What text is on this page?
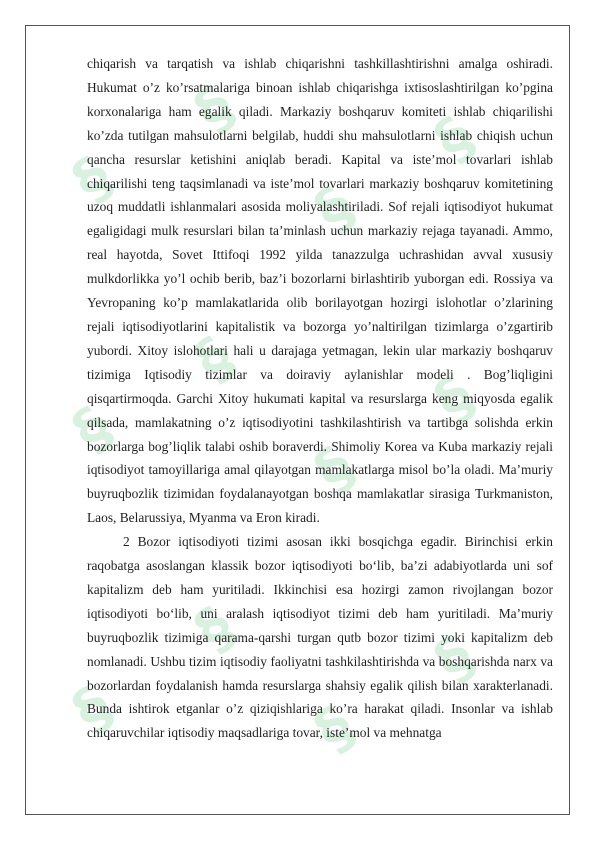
§
§
§
§
§
§
§
§
§
§
§
§

chiqarish va tarqatish va ishlab chiqarishni tashkillashtirishni amalga oshiradi. Hukumat o’z ko’rsatmalariga binoan ishlab chiqarishga ixtisoslashtirilgan ko’pgina korxonalariga ham egalik qiladi. Markaziy boshqaruv komiteti ishlab chiqarilishi ko’zda tutilgan mahsulotlarni belgilab, huddi shu mahsulotlarni ishlab chiqish uchun qancha resurslar ketishini aniqlab beradi. Kapital va iste’mol tovarlari ishlab chiqarilishi teng taqsimlanadi va iste’mol tovarlari markaziy boshqaruv komitetining uzoq muddatli ishlanmalari asosida moliyalashtiriladi. Sof rejali iqtisodiyot hukumat egaligidagi mulk resurslari bilan ta’minlash uchun markaziy rejaga tayanadi. Ammo, real hayotda, Sovet Ittifoqi 1992 yilda tanazzulga uchrashidan avval xususiy mulkdorlikka yo’l ochib berib, baz’i bozorlarni birlashtirib yuborgan edi. Rossiya va Yevropaning ko’p mamlakatlarida olib borilayotgan hozirgi islohotlar o’zlarining rejali iqtisodiyotlarini kapitalistik va bozorga yo’naltirilgan tizimlarga o’zgartirib yubordi. Xitoy islohotlari hali u darajaga yetmagan, lekin ular markaziy boshqaruv tizimiga Iqtisodiy tizimlar va doiraviy aylanishlar modeli . Bog’liqligini qisqartirmoqda. Garchi Xitoy hukumati kapital va resurslarga keng miqyosda egalik qilsada, mamlakatning o’z iqtisodiyotini tashkilashtirish va tartibga solishda erkin bozorlarga bog’liqlik talabi oshib boraverdi. Shimoliy Korea va Kuba markaziy rejali iqtisodiyot tamoyillariga amal qilayotgan mamlakatlarga misol bo’la oladi. Ma’muriy buyruqbozlik tizimidan foydalanayotgan boshqa mamlakatlar sirasiga Turkmaniston, Laos, Belarussiya, Myanma va Eron kiradi.

2 Bozor iqtisodiyoti tizimi asosan ikki bosqichga egadir. Birinchisi erkin raqobatga asoslangan klassik bozor iqtisodiyoti bo‘lib, ba’zi adabiyotlarda uni sof kapitalizm deb ham yuritiladi. Ikkinchisi esa hozirgi zamon rivojlangan bozor iqtisodiyoti bo‘lib, uni aralash iqtisodiyot tizimi deb ham yuritiladi. Ma’muriy buyruqbozlik tizimiga qarama-qarshi turgan qutb bozor tizimi yoki kapitalizm deb nomlanadi. Ushbu tizim iqtisodiy faoliyatni tashkilashtirishda va boshqarishda narx va bozorlardan foydalanish hamda resurslarga shahsiy egalik qilish bilan xarakterlanadi. Bunda ishtirok etganlar o’z qiziqishlariga ko’ra harakat qiladi. Insonlar va ishlab chiqaruvchilar iqtisodiy maqsadlariga tovar, iste’mol va mehnatga
